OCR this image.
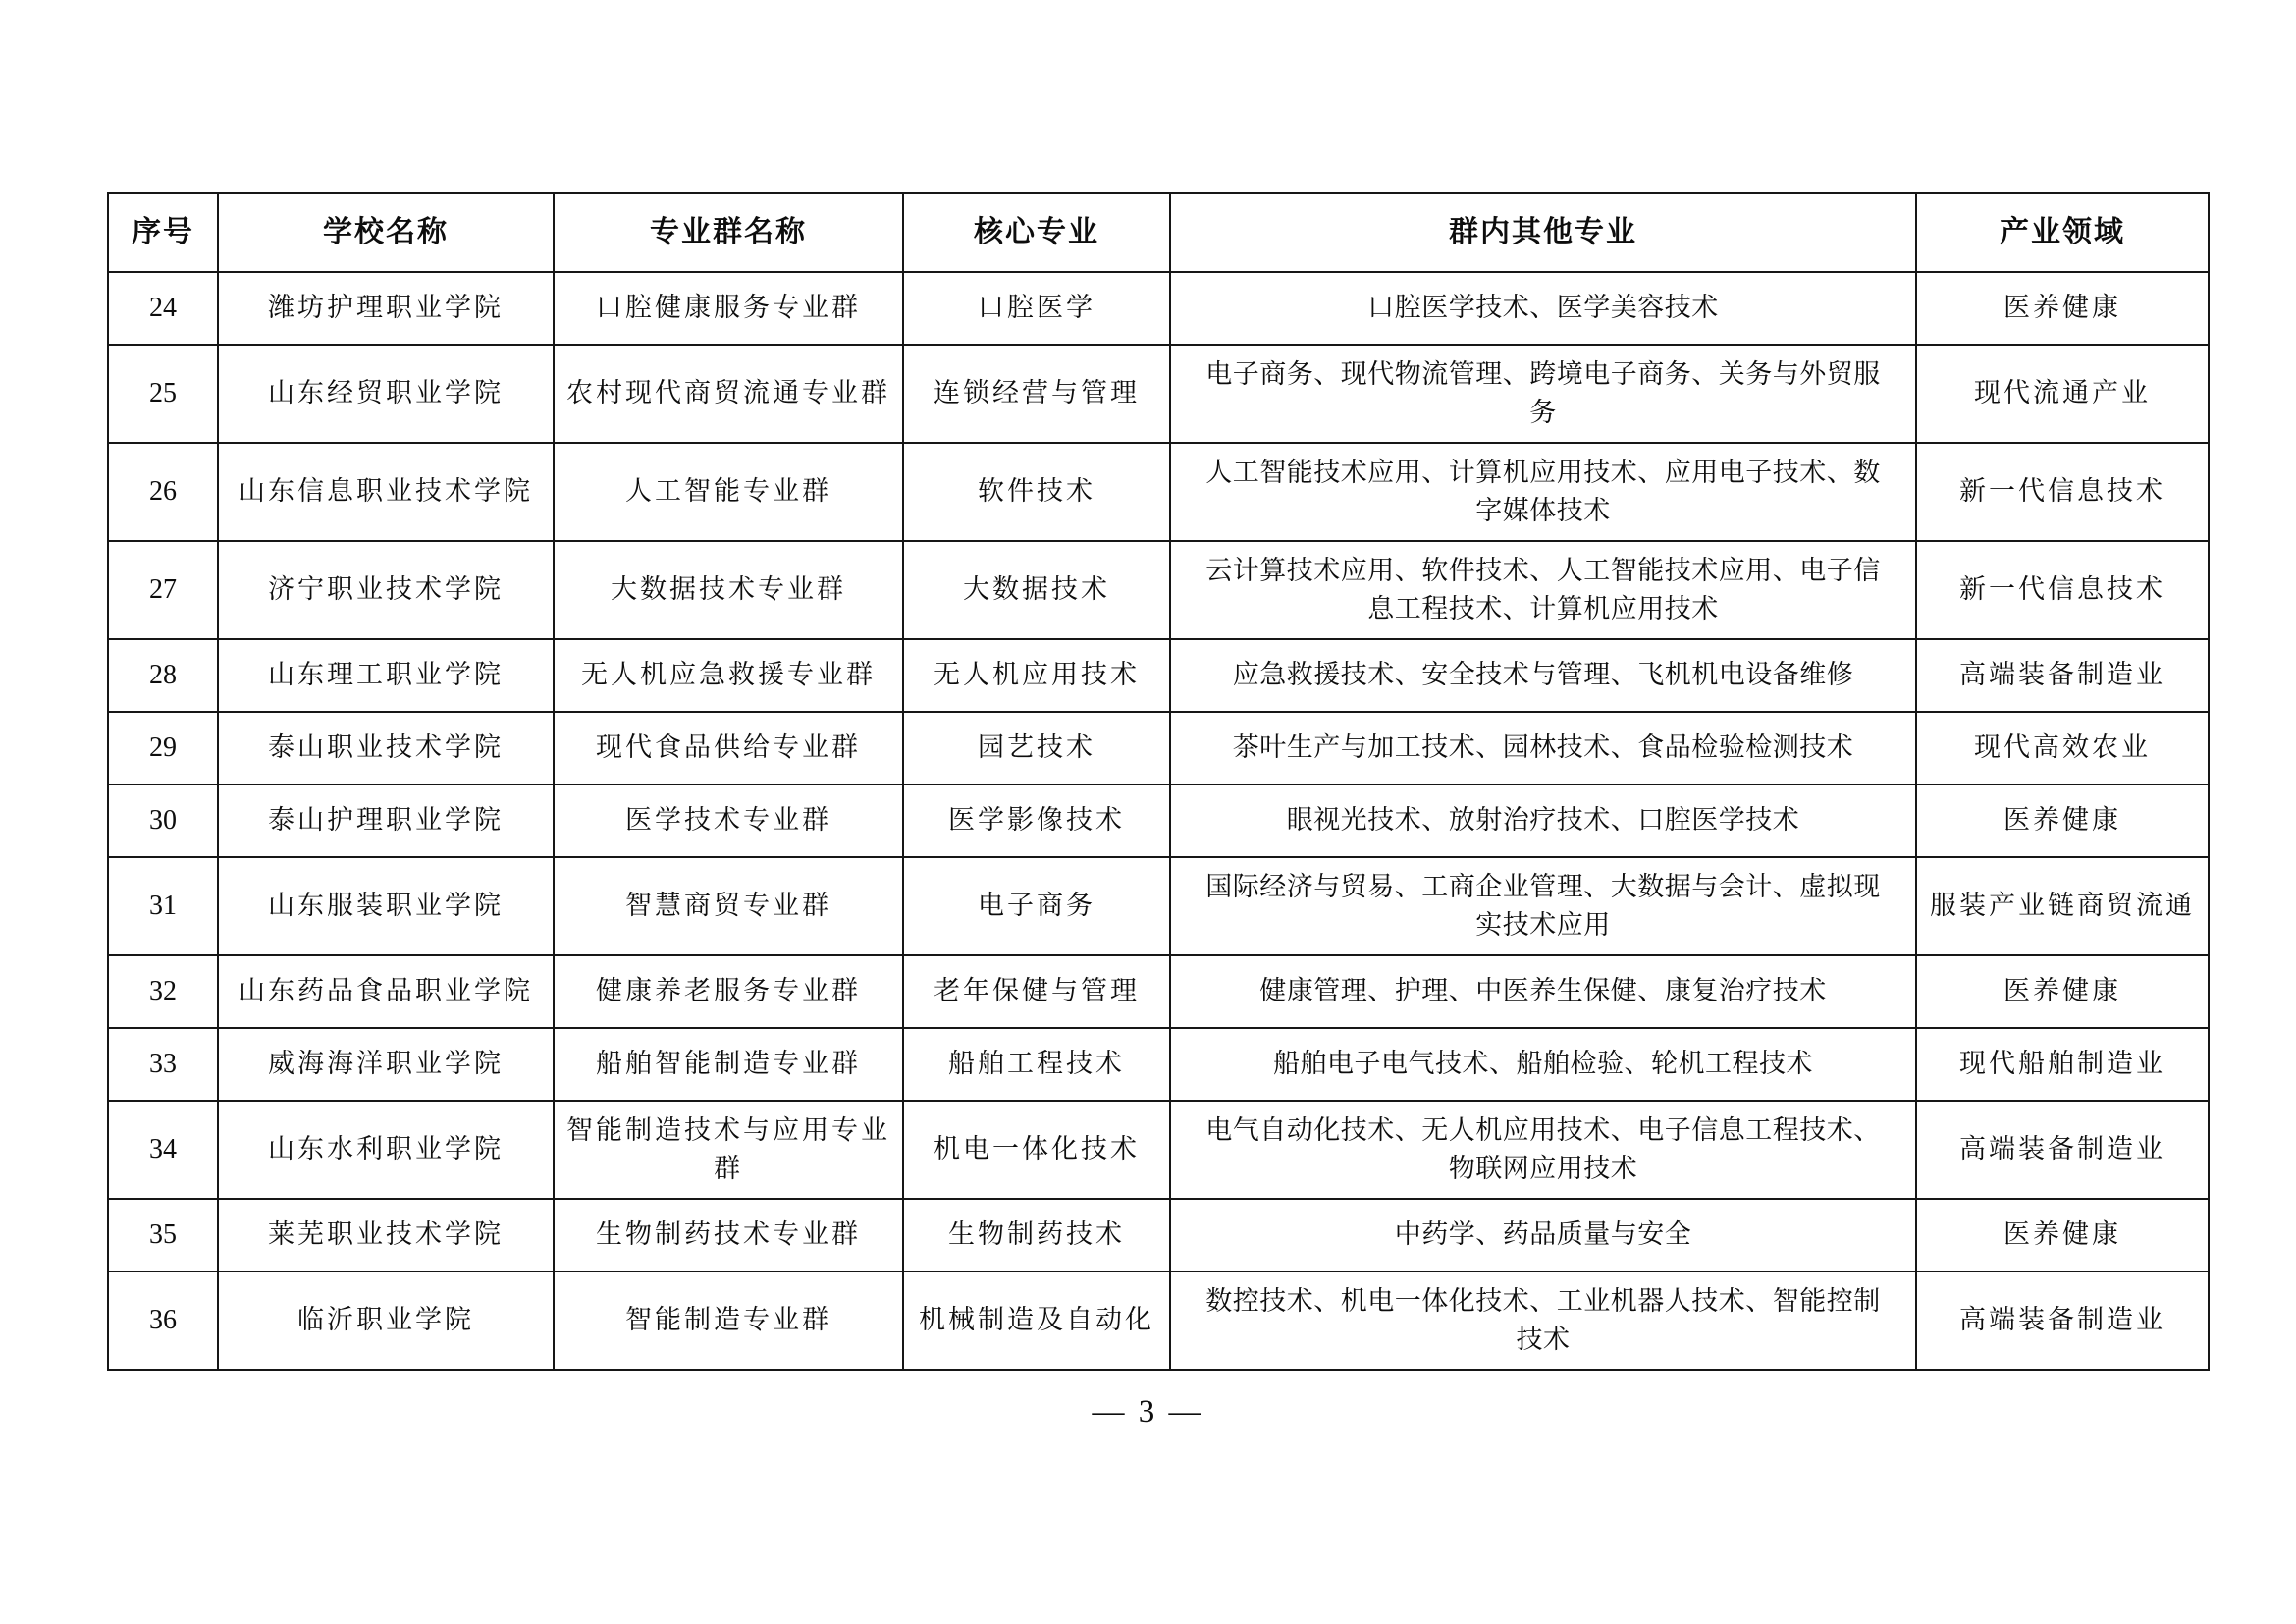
序号	学校名称	专业群名称	核心专业	群内其他专业	产业领域
24	潍坊护理职业学院	口腔健康服务专业群	口腔医学	口腔医学技术、医学美容技术	医养健康
25	山东经贸职业学院	农村现代商贸流通专业群	连锁经营与管理	电子商务、现代物流管理、跨境电子商务、关务与外贸服务	现代流通产业
26	山东信息职业技术学院	人工智能专业群	软件技术	人工智能技术应用、计算机应用技术、应用电子技术、数字媒体技术	新一代信息技术
27	济宁职业技术学院	大数据技术专业群	大数据技术	云计算技术应用、软件技术、人工智能技术应用、电子信息工程技术、计算机应用技术	新一代信息技术
28	山东理工职业学院	无人机应急救援专业群	无人机应用技术	应急救援技术、安全技术与管理、飞机机电设备维修	高端装备制造业
29	泰山职业技术学院	现代食品供给专业群	园艺技术	茶叶生产与加工技术、园林技术、食品检验检测技术	现代高效农业
30	泰山护理职业学院	医学技术专业群	医学影像技术	眼视光技术、放射治疗技术、口腔医学技术	医养健康
31	山东服装职业学院	智慧商贸专业群	电子商务	国际经济与贸易、工商企业管理、大数据与会计、虚拟现实技术应用	服装产业链商贸流通
32	山东药品食品职业学院	健康养老服务专业群	老年保健与管理	健康管理、护理、中医养生保健、康复治疗技术	医养健康
33	威海海洋职业学院	船舶智能制造专业群	船舶工程技术	船舶电子电气技术、船舶检验、轮机工程技术	现代船舶制造业
34	山东水利职业学院	智能制造技术与应用专业群	机电一体化技术	电气自动化技术、无人机应用技术、电子信息工程技术、物联网应用技术	高端装备制造业
35	莱芜职业技术学院	生物制药技术专业群	生物制药技术	中药学、药品质量与安全	医养健康
36	临沂职业学院	智能制造专业群	机械制造及自动化	数控技术、机电一体化技术、工业机器人技术、智能控制技术	高端装备制造业
— 3 —
